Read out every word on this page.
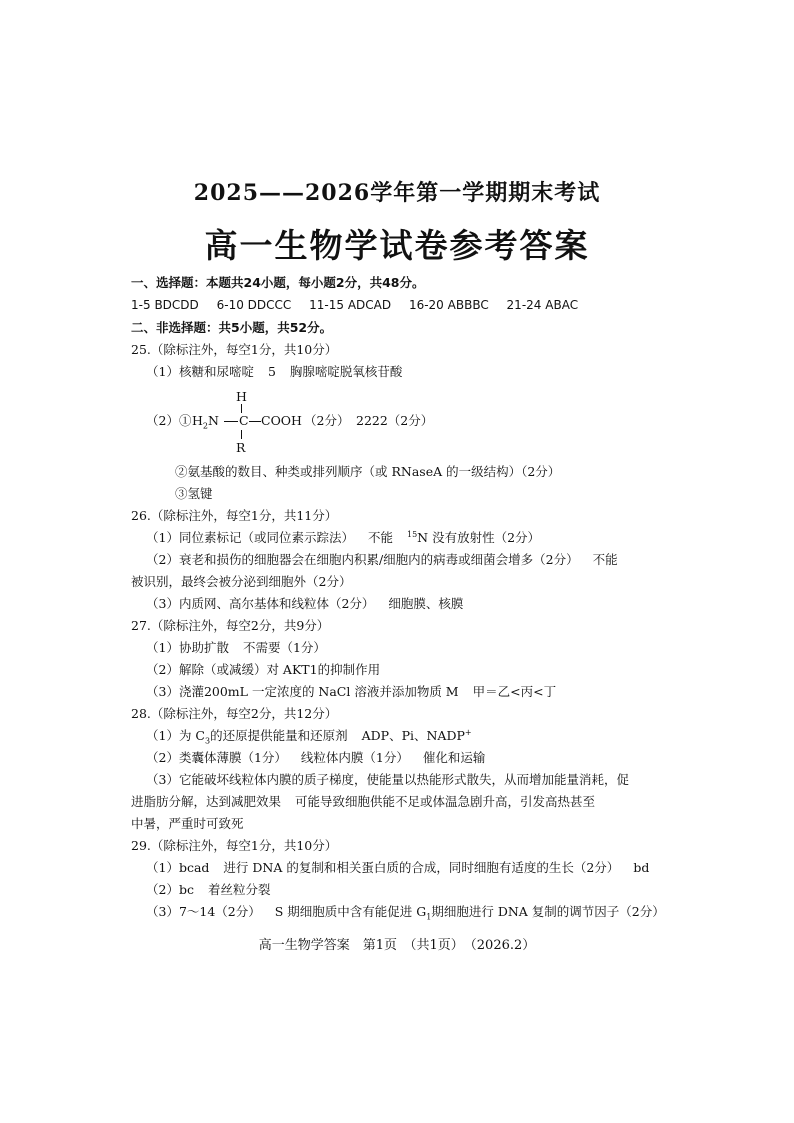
2025——2026学年第一学期期末考试
高一生物学试卷参考答案
一、选择题：本题共24小题，每小题2分，共48分。
1-5 BDCDD 6-10 DDCCC 11-15 ADCAD 16-20 ABBBC 21-24 ABAC
二、非选择题：共5小题，共52分。
25.（除标注外，每空1分，共10分）
（1）核糖和尿嘧啶 5 胸腺嘧啶脱氧核苷酸
（2）① $H_2N$ C COOH （2分） 2222（2分）
H
R
②氨基酸的数目、种类或排列顺序（或 RNaseA 的一级结构）（2分）
③氢键
26.（除标注外，每空1分，共11分）
（1）同位素标记（或同位素示踪法） 不能 $^{15}$N 没有放射性（2分）
（2）衰老和损伤的细胞器会在细胞内积累/细胞内的病毒或细菌会增多（2分） 不能
被识别，最终会被分泌到细胞外（2分）
（3）内质网、高尔基体和线粒体（2分） 细胞膜、核膜
27.（除标注外，每空2分，共9分）
（1）协助扩散 不需要（1分）
（2）解除（或减缓）对 AKT1的抑制作用
（3）浇灌200mL 一定浓度的 NaCl 溶液并添加物质 M 甲＝乙<丙<丁
28.（除标注外，每空2分，共12分）
（1）为 $C_3$的还原提供能量和还原剂 ADP、Pi、NADP+
（2）类囊体薄膜（1分） 线粒体内膜（1分） 催化和运输
（3）它能破坏线粒体内膜的质子梯度，使能量以热能形式散失，从而增加能量消耗，促
进脂肪分解，达到减肥效果 可能导致细胞供能不足或体温急剧升高，引发高热甚至
中暑，严重时可致死
29.（除标注外，每空1分，共10分）
（1）bcad 进行 DNA 的复制和相关蛋白质的合成，同时细胞有适度的生长（2分） bd
（2）bc 着丝粒分裂
（3）7～14（2分） S 期细胞质中含有能促进 $G_1$期细胞进行 DNA 复制的调节因子（2分）
高一生物学答案　第1页　（共1页）　（2026.2）
